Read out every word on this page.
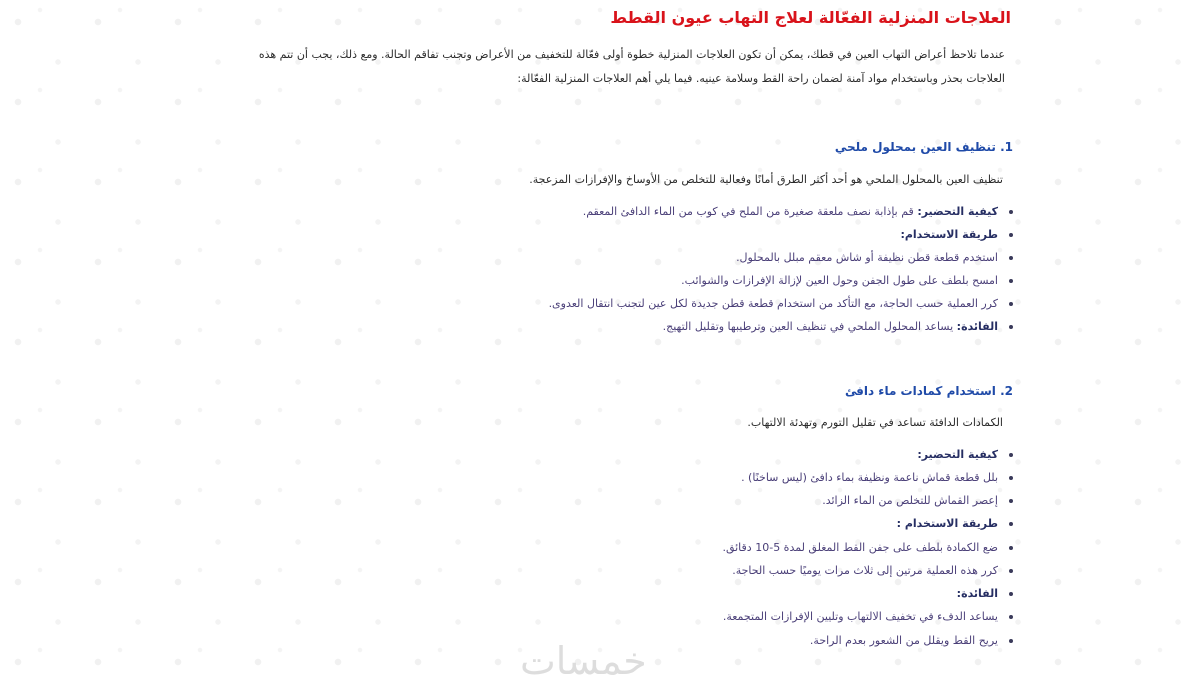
العلاجات المنزلية الفعّالة لعلاج التهاب عيون القطط

عندما تلاحظ أعراض التهاب العين في قطك، يمكن أن تكون العلاجات المنزلية خطوة أولى فعّالة للتخفيف من الأعراض وتجنب تفاقم الحالة. ومع ذلك، يجب أن تتم هذه العلاجات بحذر وباستخدام مواد آمنة لضمان راحة القط وسلامة عينيه. فيما يلي أهم العلاجات المنزلية الفعّالة:

1. تنظيف العين بمحلول ملحي

تنظيف العين بالمحلول الملحي هو أحد أكثر الطرق أمانًا وفعالية للتخلص من الأوساخ والإفرازات المزعجة.

كيفية التحضير: قم بإذابة نصف ملعقة صغيرة من الملح في كوب من الماء الدافئ المعقم.
طريقة الاستخدام:
استخدم قطعة قطن نظيفة أو شاش معقم مبلل بالمحلول.
امسح بلطف على طول الجفن وحول العين لإزالة الإفرازات والشوائب.
كرر العملية حسب الحاجة، مع التأكد من استخدام قطعة قطن جديدة لكل عين لتجنب انتقال العدوى.
الفائدة: يساعد المحلول الملحي في تنظيف العين وترطيبها وتقليل التهيج.
2. استخدام كمادات ماء دافئ

الكمادات الدافئة تساعد في تقليل التورم وتهدئة الالتهاب.

كيفية التحضير:
بلل قطعة قماش ناعمة ونظيفة بماء دافئ (ليس ساخنًا) .
إعصر القماش للتخلص من الماء الزائد.
طريقة الاستخدام :
ضع الكمادة بلطف على جفن القط المغلق لمدة 5-10 دقائق.
كرر هذه العملية مرتين إلى ثلاث مرات يوميًا حسب الحاجة.
الفائدة:
يساعد الدفء في تخفيف الالتهاب وتليين الإفرازات المتجمعة.
يريح القط ويقلل من الشعور بعدم الراحة.
خمسات
